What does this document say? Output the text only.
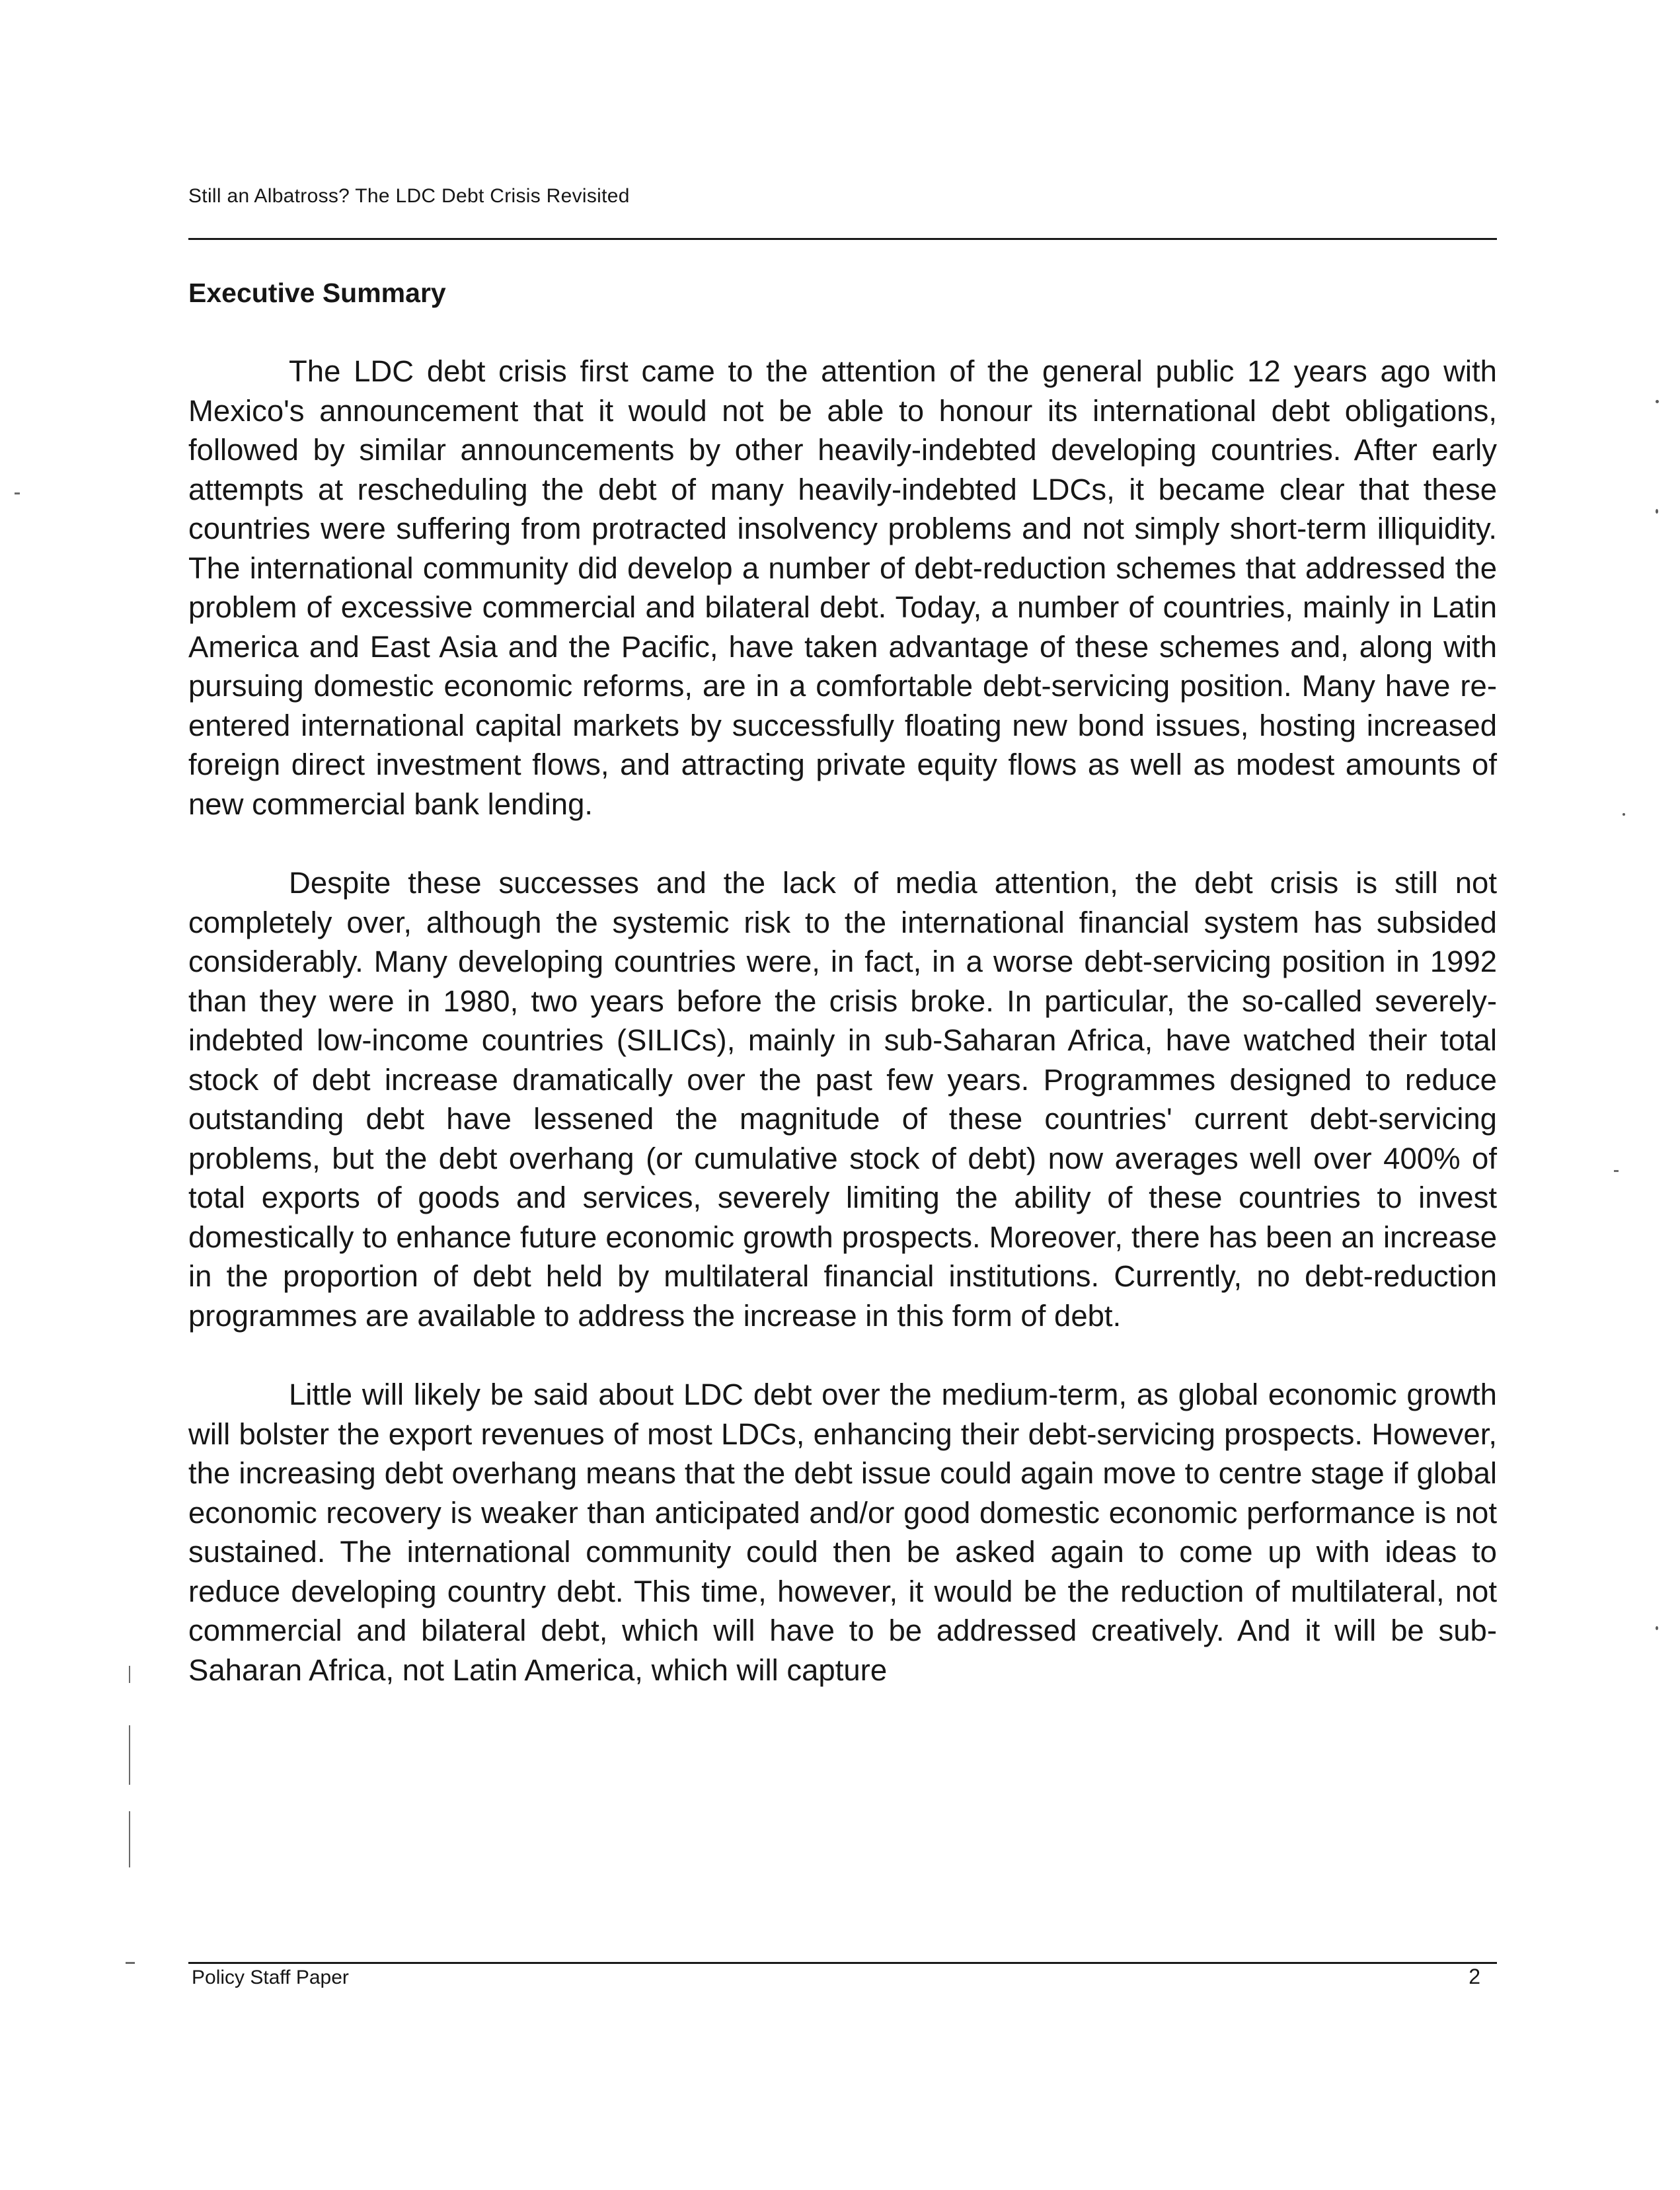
Still an Albatross? The LDC Debt Crisis Revisited
Executive Summary

The LDC debt crisis first came to the attention of the general public 12 years ago with Mexico's announcement that it would not be able to honour its international debt obligations, followed by similar announcements by other heavily-indebted developing countries. After early attempts at rescheduling the debt of many heavily-indebted LDCs, it became clear that these countries were suffering from protracted insolvency problems and not simply short-term illiquidity. The international community did develop a number of debt-reduction schemes that addressed the problem of excessive commercial and bilateral debt. Today, a number of countries, mainly in Latin America and East Asia and the Pacific, have taken advantage of these schemes and, along with pursuing domestic economic reforms, are in a comfortable debt-servicing position. Many have re-entered international capital markets by successfully floating new bond issues, hosting increased foreign direct investment flows, and attracting private equity flows as well as modest amounts of new commercial bank lending.

Despite these successes and the lack of media attention, the debt crisis is still not completely over, although the systemic risk to the international financial system has subsided considerably. Many developing countries were, in fact, in a worse debt-servicing position in 1992 than they were in 1980, two years before the crisis broke. In particular, the so-called severely-indebted low-income countries (SILICs), mainly in sub-Saharan Africa, have watched their total stock of debt increase dramatically over the past few years. Programmes designed to reduce outstanding debt have lessened the magnitude of these countries' current debt-servicing problems, but the debt overhang (or cumulative stock of debt) now averages well over 400% of total exports of goods and services, severely limiting the ability of these countries to invest domestically to enhance future economic growth prospects. Moreover, there has been an increase in the proportion of debt held by multilateral financial institutions. Currently, no debt-reduction programmes are available to address the increase in this form of debt.

Little will likely be said about LDC debt over the medium-term, as global economic growth will bolster the export revenues of most LDCs, enhancing their debt-servicing prospects. However, the increasing debt overhang means that the debt issue could again move to centre stage if global economic recovery is weaker than anticipated and/or good domestic economic performance is not sustained. The international community could then be asked again to come up with ideas to reduce developing country debt. This time, however, it would be the reduction of multilateral, not commercial and bilateral debt, which will have to be addressed creatively. And it will be sub-Saharan Africa, not Latin America, which will capture

Policy Staff Paper	2
